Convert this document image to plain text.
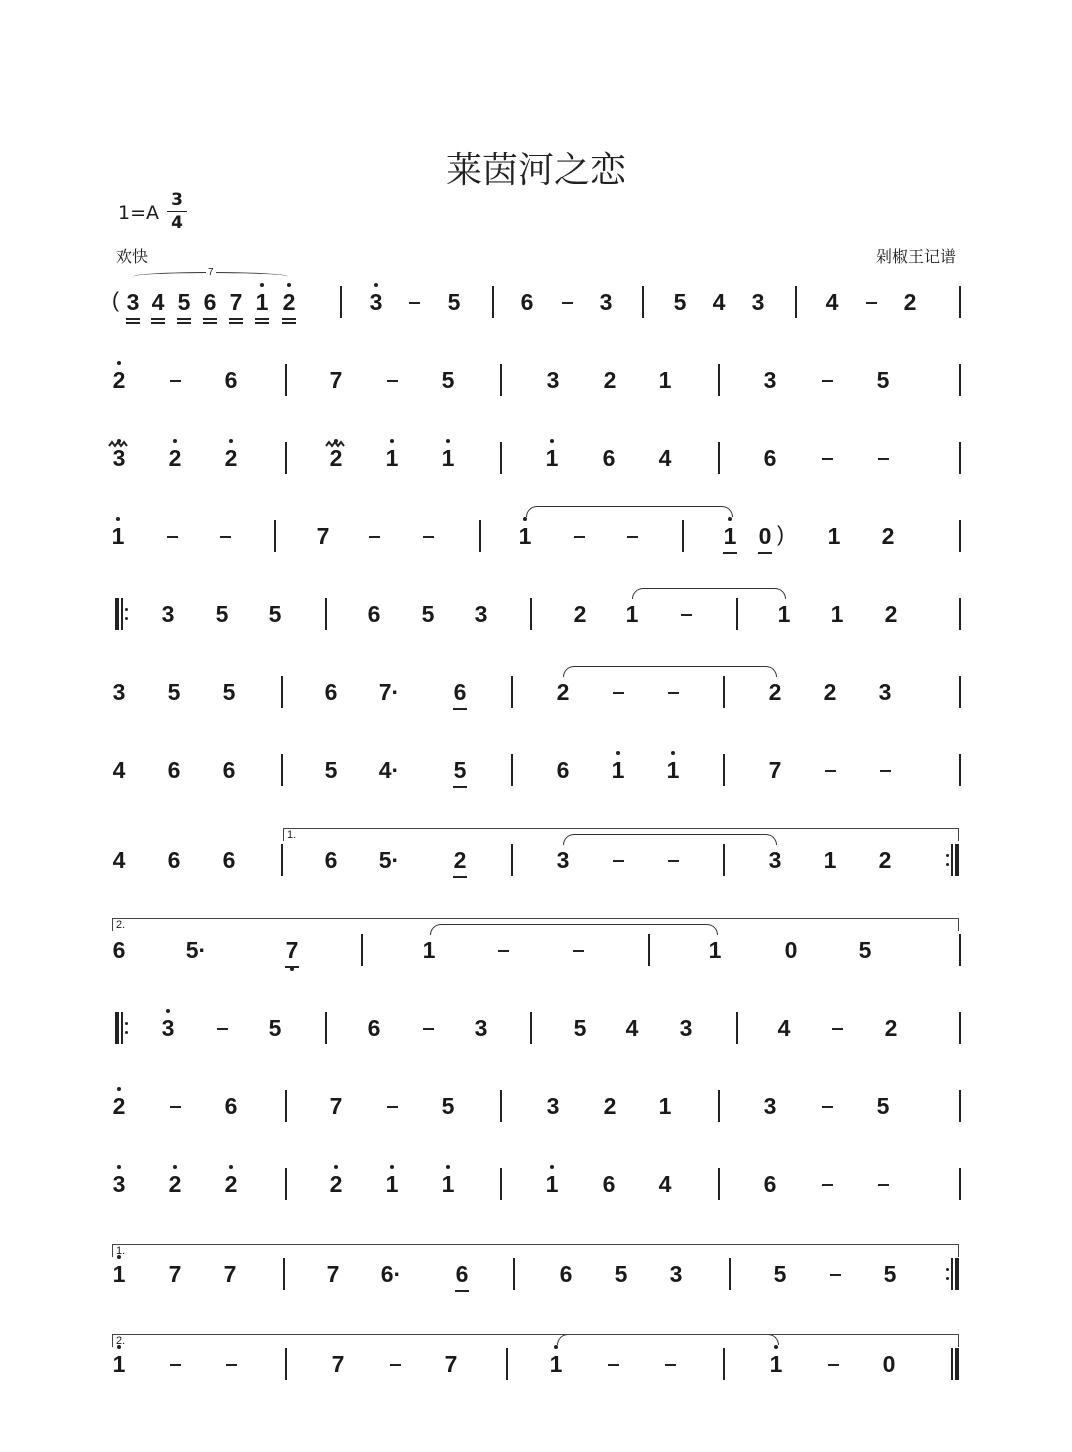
莱茵河之恋
1=A
3
4
欢快	剁椒王记谱
( 3 4 5 6 7 1 2	3	5	6	3	5 4 3	4	2
2	6	7	5	3 2 1	3	5
3 2 2	2 1 1	1 6 4	6
1	7	1	1 0 ) 1 2
3 5 5	6 5 3	2 1	1 1 2
3 5 5	6 7· 6	2	2 2 3
4 6 6	5 4· 5	6 1 1	7
4 6 6	6 5· 2	3	3 1 2
6	5·	7	1	1	0	5
3	5	6	3	5 4 3	4	2
2	6	7	5	3 2 1	3	5
3 2 2	2 1 1	1 6 4	6
1 7 7	7 6· 6	6 5 3	5	5
1	7	7	1	1	0
7
1.
2.
1.
2.
